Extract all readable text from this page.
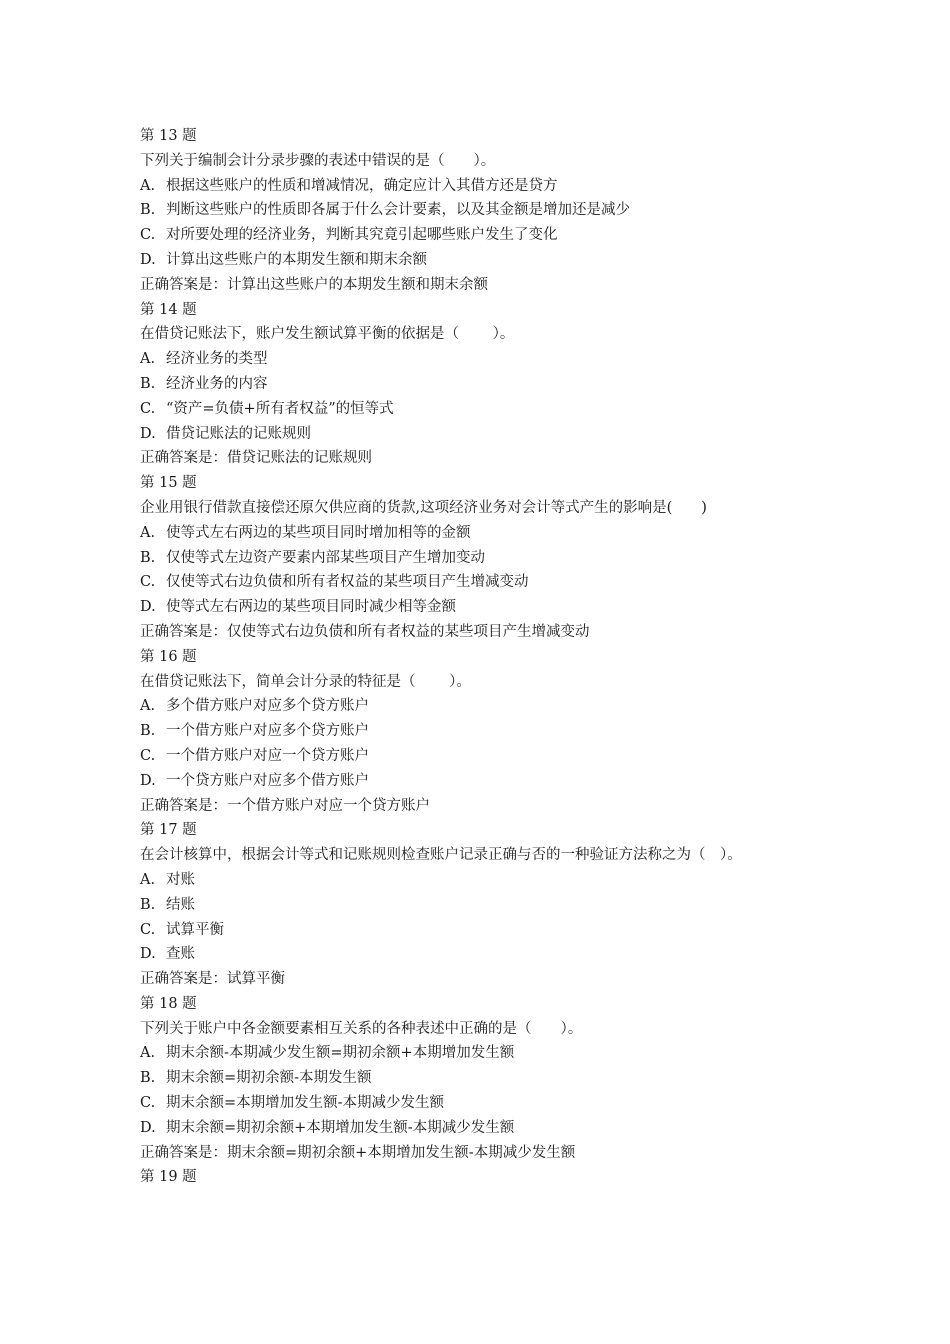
第 13 题
下列关于编制会计分录步骤的表述中错误的是（　　）。
A. 根据这些账户的性质和增减情况，确定应计入其借方还是贷方
B. 判断这些账户的性质即各属于什么会计要素，以及其金额是增加还是减少
C. 对所要处理的经济业务，判断其究竟引起哪些账户发生了变化
D. 计算出这些账户的本期发生额和期末余额
正确答案是：计算出这些账户的本期发生额和期末余额
第 14 题
在借贷记账法下，账户发生额试算平衡的依据是（　　 ）。
A. 经济业务的类型
B. 经济业务的内容
C. “资产=负债+所有者权益”的恒等式
D. 借贷记账法的记账规则
正确答案是：借贷记账法的记账规则
第 15 题
企业用银行借款直接偿还原欠供应商的货款,这项经济业务对会计等式产生的影响是(　　)
A. 使等式左右两边的某些项目同时增加相等的金额
B. 仅使等式左边资产要素内部某些项目产生增加变动
C. 仅使等式右边负债和所有者权益的某些项目产生增减变动
D. 使等式左右两边的某些项目同时减少相等金额
正确答案是：仅使等式右边负债和所有者权益的某些项目产生增减变动
第 16 题
在借贷记账法下，简单会计分录的特征是（　　 ）。
A. 多个借方账户对应多个贷方账户
B. 一个借方账户对应多个贷方账户
C. 一个借方账户对应一个贷方账户
D. 一个贷方账户对应多个借方账户
正确答案是：一个借方账户对应一个贷方账户
第 17 题
在会计核算中，根据会计等式和记账规则检查账户记录正确与否的一种验证方法称之为（　）。
A. 对账
B. 结账
C. 试算平衡
D. 查账
正确答案是：试算平衡
第 18 题
下列关于账户中各金额要素相互关系的各种表述中正确的是（　　）。
A. 期末余额-本期减少发生额=期初余额+本期增加发生额
B. 期末余额=期初余额-本期发生额
C. 期末余额=本期增加发生额-本期减少发生额
D. 期末余额=期初余额+本期增加发生额-本期减少发生额
正确答案是：期末余额=期初余额+本期增加发生额-本期减少发生额
第 19 题
